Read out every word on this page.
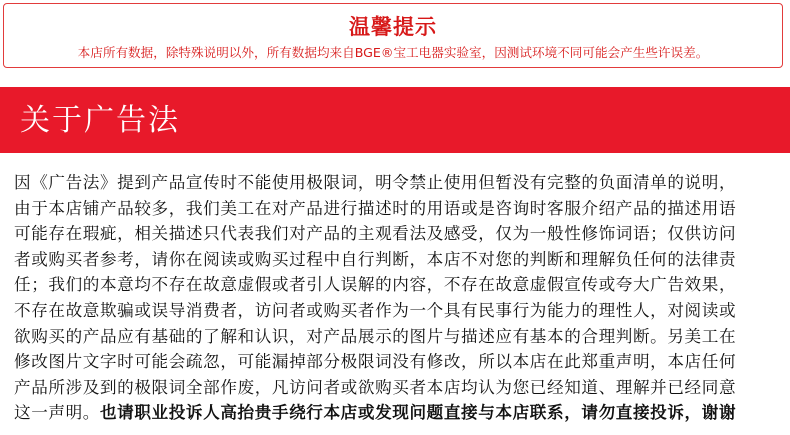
温馨提示
本店所有数据，除特殊说明以外，所有数据均来自BGE®宝工电器实验室，因测试环境不同可能会产生些许误差。
关于广告法
因《广告法》提到产品宣传时不能使用极限词，明令禁止使用但暂没有完整的负面清单的说明，
由于本店铺产品较多，我们美工在对产品进行描述时的用语或是咨询时客服介绍产品的描述用语
可能存在瑕疵，相关描述只代表我们对产品的主观看法及感受，仅为一般性修饰词语；仅供访问
者或购买者参考，请你在阅读或购买过程中自行判断，本店不对您的判断和理解负任何的法律责
任；我们的本意均不存在故意虚假或者引人误解的内容，不存在故意虚假宣传或夸大广告效果，
不存在故意欺骗或误导消费者，访问者或购买者作为一个具有民事行为能力的理性人，对阅读或
欲购买的产品应有基础的了解和认识，对产品展示的图片与描述应有基本的合理判断。另美工在
修改图片文字时可能会疏忽，可能漏掉部分极限词没有修改，所以本店在此郑重声明，本店任何
产品所涉及到的极限词全部作废，凡访问者或欲购买者本店均认为您已经知道、理解并已经同意
这一声明。也请职业投诉人高抬贵手绕行本店或发现问题直接与本店联系，请勿直接投诉，谢谢
